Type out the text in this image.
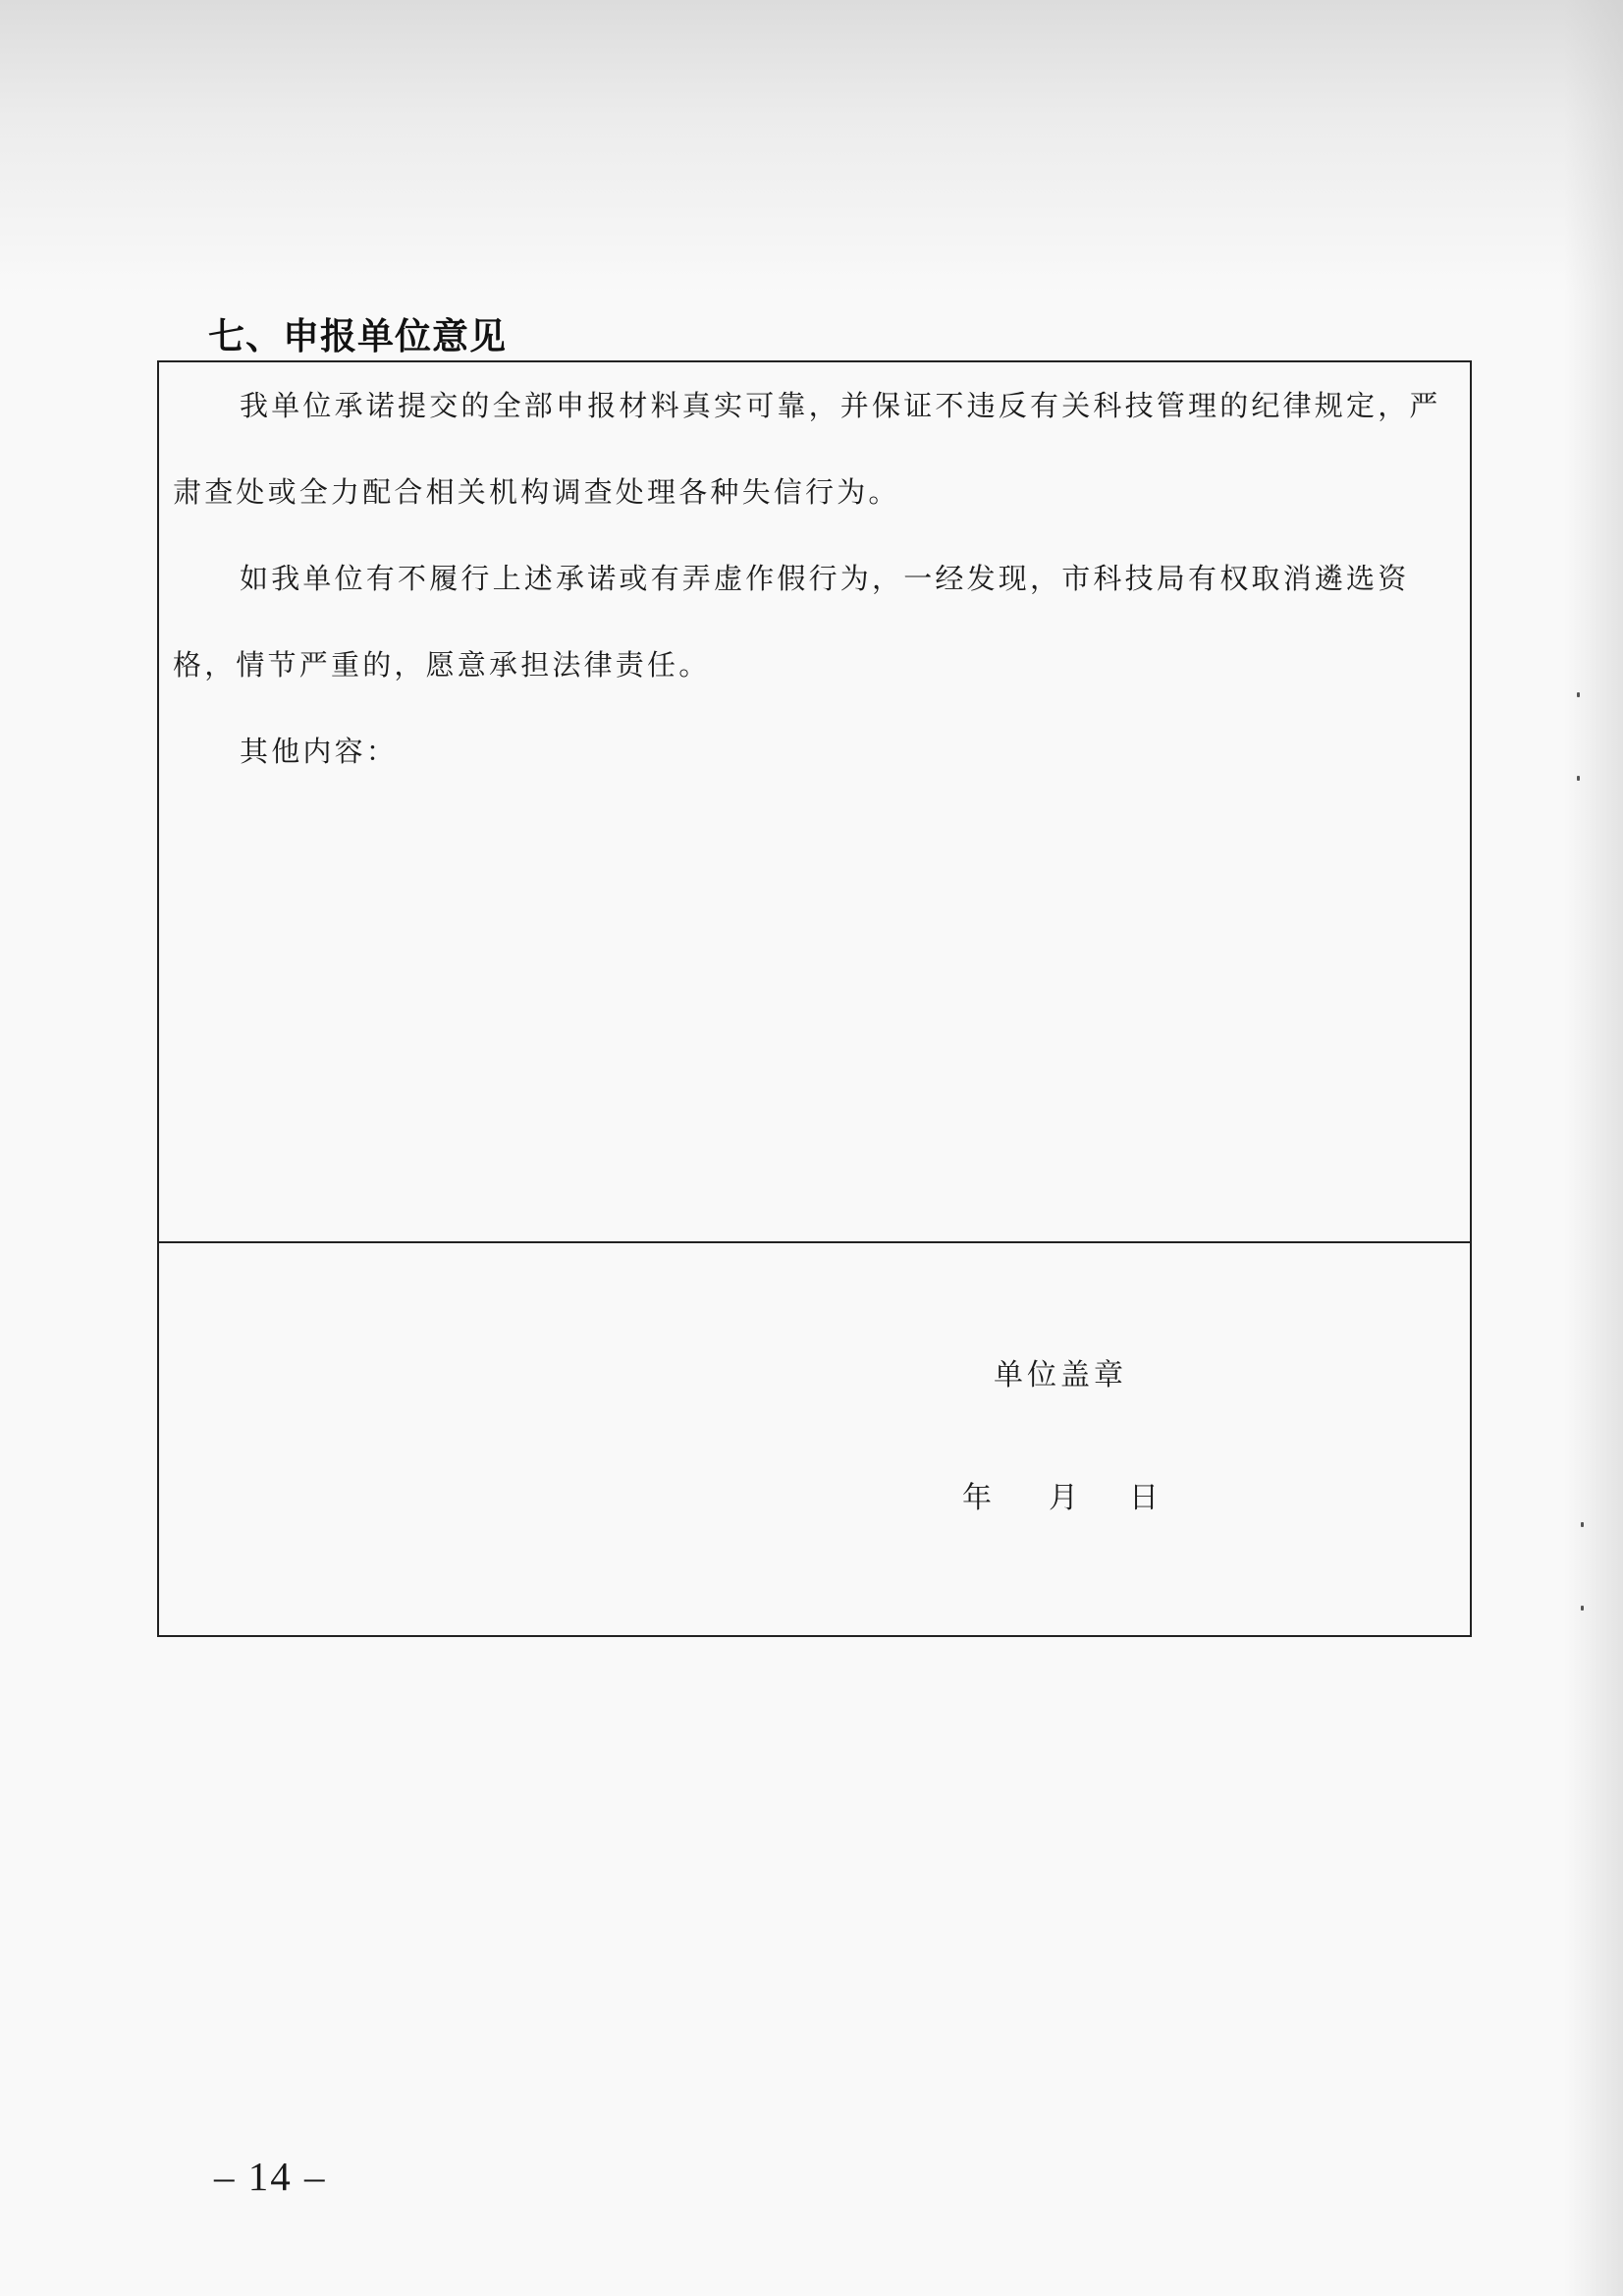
七、申报单位意见

我单位承诺提交的全部申报材料真实可靠，并保证不违反有关科技管理的纪律规定，严肃查处或全力配合相关机构调查处理各种失信行为。

如我单位有不履行上述承诺或有弄虚作假行为，一经发现，市科技局有权取消遴选资格，情节严重的，愿意承担法律责任。

其他内容：

单位盖章
年 月 日
– 14 –
